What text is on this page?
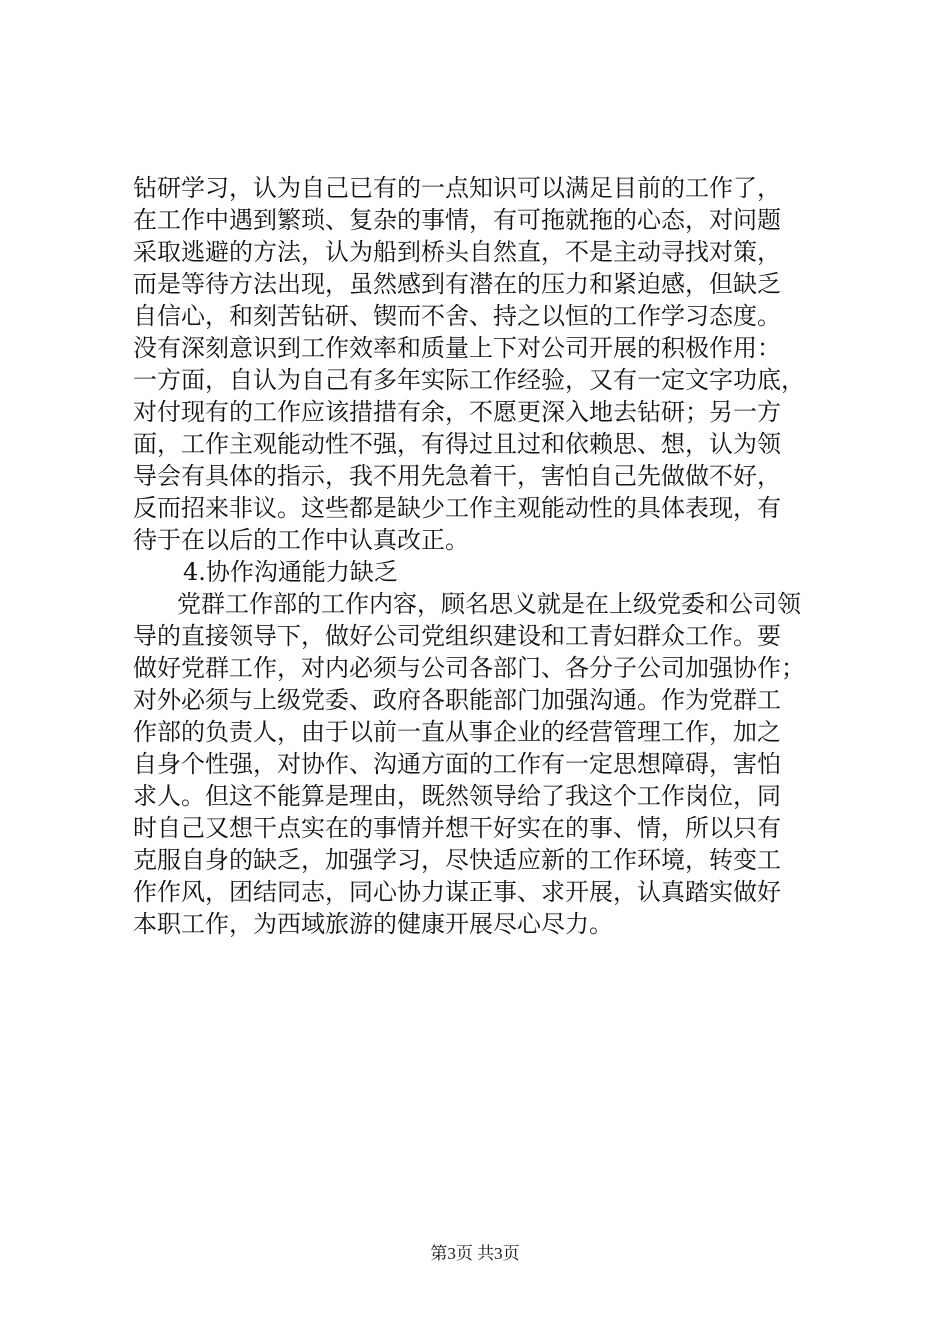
钻研学习，认为自己已有的一点知识可以满足目前的工作了，
在工作中遇到繁琐、复杂的事情，有可拖就拖的心态，对问题
采取逃避的方法，认为船到桥头自然直，不是主动寻找对策，
而是等待方法出现，虽然感到有潜在的压力和紧迫感，但缺乏
自信心，和刻苦钻研、锲而不舍、持之以恒的工作学习态度。
没有深刻意识到工作效率和质量上下对公司开展的积极作用：
一方面，自认为自己有多年实际工作经验，又有一定文字功底，
对付现有的工作应该措措有余，不愿更深入地去钻研；另一方
面，工作主观能动性不强，有得过且过和依赖思、想，认为领
导会有具体的指示，我不用先急着干，害怕自己先做做不好，
反而招来非议。这些都是缺少工作主观能动性的具体表现，有
待于在以后的工作中认真改正。
4.协作沟通能力缺乏
党群工作部的工作内容，顾名思义就是在上级党委和公司领
导的直接领导下，做好公司党组织建设和工青妇群众工作。要
做好党群工作，对内必须与公司各部门、各分子公司加强协作；
对外必须与上级党委、政府各职能部门加强沟通。作为党群工
作部的负责人，由于以前一直从事企业的经营管理工作，加之
自身个性强，对协作、沟通方面的工作有一定思想障碍，害怕
求人。但这不能算是理由，既然领导给了我这个工作岗位，同
时自己又想干点实在的事情并想干好实在的事、情，所以只有
克服自身的缺乏，加强学习，尽快适应新的工作环境，转变工
作作风，团结同志，同心协力谋正事、求开展，认真踏实做好
本职工作，为西域旅游的健康开展尽心尽力。
第3页 共3页
